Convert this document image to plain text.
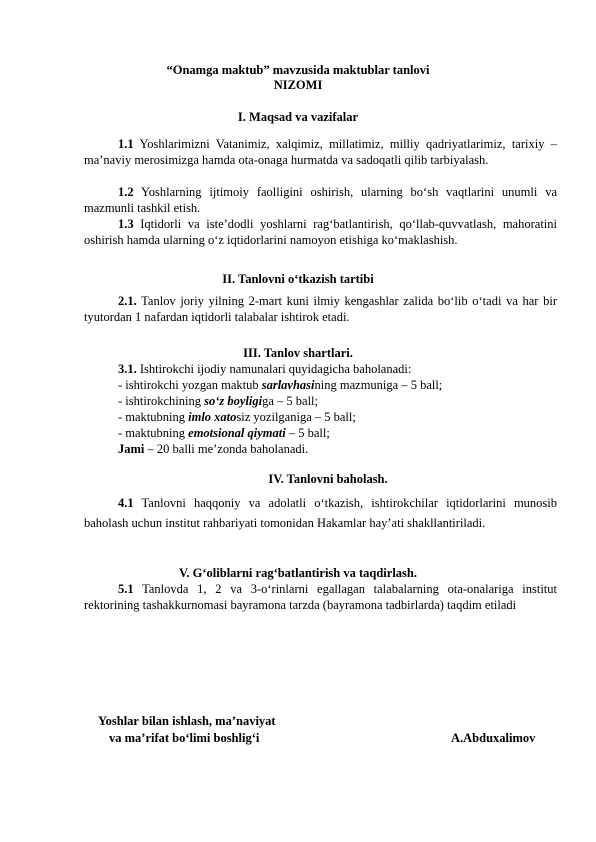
“Onamga maktub” mavzusida maktublar tanlovi
NIZOMI
I. Maqsad va vazifalar
1.1 Yoshlarimizni Vatanimiz, xalqimiz, millatimiz, milliy qadriyatlarimiz, tarixiy – ma’naviy merosimizga hamda ota-onaga hurmatda va sadoqatli qilib tarbiyalash.
1.2 Yoshlarning ijtimoiy faolligini oshirish, ularning bo‘sh vaqtlarini unumli va mazmunli tashkil etish.
1.3 Iqtidorli va iste’dodli yoshlarni rag‘batlantirish, qo‘llab-quvvatlash, mahoratini oshirish hamda ularning o‘z iqtidorlarini namoyon etishiga ko‘maklashish.
II. Tanlovni o‘tkazish tartibi
2.1. Tanlov joriy yilning 2-mart kuni ilmiy kengashlar zalida bo‘lib o‘tadi va har bir tyutordan 1 nafardan iqtidorli talabalar ishtirok etadi.
III. Tanlov shartlari.
3.1. Ishtirokchi ijodiy namunalari quyidagicha baholanadi:
- ishtirokchi yozgan maktub sarlavhasining mazmuniga – 5 ball;
- ishtirokchining so‘z boyligiga – 5 ball;
- maktubning imlo xatosiz yozilganiga – 5 ball;
- maktubning emotsional qiymati – 5 ball;
Jami – 20 balli me’zonda baholanadi.
IV. Tanlovni baholash.
4.1 Tanlovni haqqoniy va adolatli o‘tkazish, ishtirokchilar iqtidorlarini munosib baholash uchun institut rahbariyati tomonidan Hakamlar hay’ati shakllantiriladi.
V. G‘oliblarni rag‘batlantirish va taqdirlash.
5.1 Tanlovda 1, 2 va 3-o‘rinlarni egallagan talabalarning ota-onalariga institut rektorining tashakkurnomasi bayramona tarzda (bayramona tadbirlarda) taqdim etiladi
Yoshlar bilan ishlash, ma’naviyat
va ma’rifat bo‘limi boshlig‘i	A.Abduxalimov
